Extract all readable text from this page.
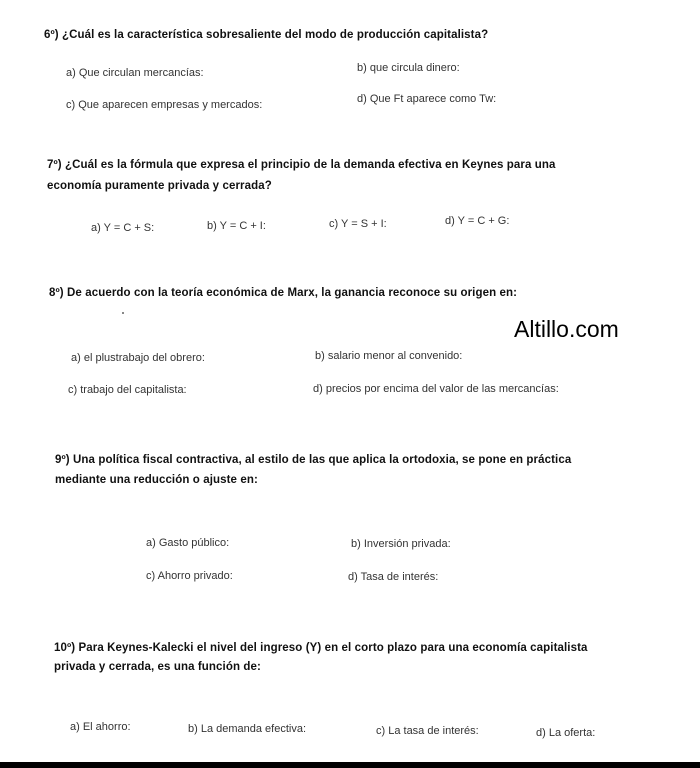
6º) ¿Cuál es la característica sobresaliente del modo de producción capitalista?
a) Que circulan mercancías:	b) que circula dinero:
c) Que aparecen empresas y mercados:	d) Que Ft aparece como Tw:
7º) ¿Cuál es la fórmula que expresa el principio de la demanda efectiva en Keynes para una
economía puramente privada y cerrada?
a) Y = C + S:	b) Y = C + I:	c) Y = S + I:	d) Y = C + G:
8º) De acuerdo con la teoría económica de Marx, la ganancia reconoce su origen en:
Altillo.com
a) el plustrabajo del obrero:	b) salario menor al convenido:
c) trabajo del capitalista:	d) precios por encima del valor de las mercancías:
9º) Una política fiscal contractiva, al estilo de las que aplica la ortodoxia, se pone en práctica
mediante una reducción o ajuste en:
a) Gasto público:	b) Inversión privada:
c) Ahorro privado:	d) Tasa de interés:
10º) Para Keynes-Kalecki el nivel del ingreso (Y) en el corto plazo para una economía capitalista
privada y cerrada, es una función de:
a) El ahorro:	b) La demanda efectiva:	c) La tasa de interés:	d) La oferta:
